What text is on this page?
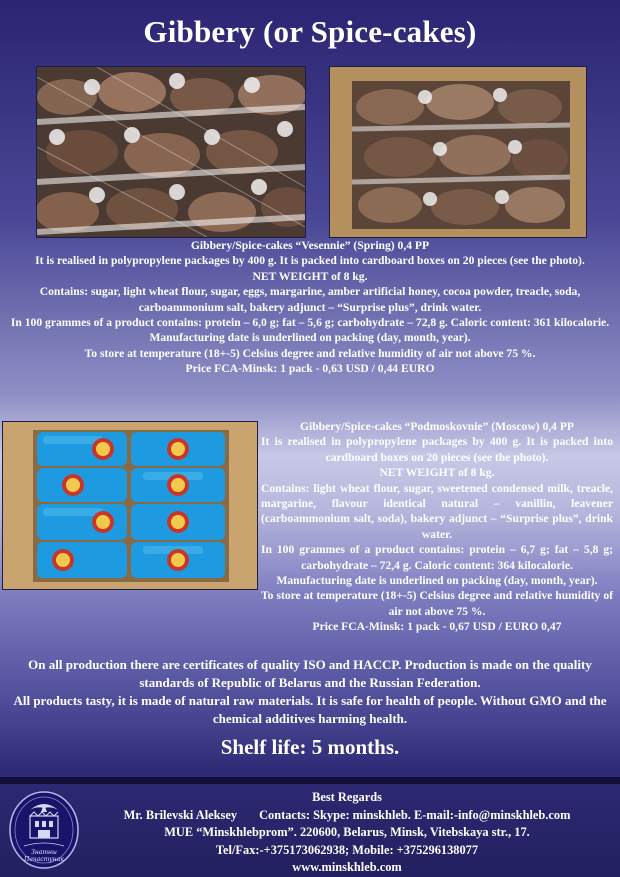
Gibbery (or Spice-cakes)

Gibbery/Spice-cakes “Vesennie” (Spring) 0,4 PP

It is realised in polypropylene packages by 400 g. It is packed into cardboard boxes on 20 pieces (see the photo).

NET WEIGHT of 8 kg.

Contains: sugar, light wheat flour, sugar, eggs, margarine, amber artificial honey, cocoa powder, treacle, soda, carboammonium salt, bakery adjunct – “Surprise plus”, drink water.

In 100 grammes of a product contains: protein – 6,0 g; fat – 5,6 g; carbohydrate – 72,8 g. Caloric content: 361 kilocalorie.

Manufacturing date is underlined on packing (day, month, year).

To store at temperature (18+-5) Celsius degree and relative humidity of air not above 75 %.

Price FCA-Minsk: 1 pack - 0,63 USD / 0,44 EURO

Gibbery/Spice-cakes “Podmoskovnie” (Moscow) 0,4 PP

It is realised in polypropylene packages by 400 g. It is packed into cardboard boxes on 20 pieces (see the photo).

NET WEIGHT of 8 kg.

Contains: light wheat flour, sugar, sweetened condensed milk, treacle, margarine, flavour identical natural – vanillin, leavener (carboammonium salt, soda), bakery adjunct – “Surprise plus”, drink water.

In 100 grammes of a product contains: protein – 6,7 g; fat – 5,8 g; carbohydrate – 72,4 g. Caloric content: 364 kilocalorie.

Manufacturing date is underlined on packing (day, month, year).

To store at temperature (18+-5) Celsius degree and relative humidity of air not above 75 %.

Price FCA-Minsk: 1 pack - 0,67 USD / EURO 0,47

On all production there are certificates of quality ISO and HACCP. Production is made on the quality standards of Republic of Belarus and the Russian Federation.

All products tasty, it is made of natural raw materials. It is safe for health of people. Without GMO and the chemical additives harming health.

Shelf life: 5 months.
Знатны
Пачастунак

Best Regards

Mr. Brilevski Aleksey Contacts: Skype: minskhleb. E-mail:-info@minskhleb.com

MUE “Minskhlebprom”. 220600, Belarus, Minsk, Vitebskaya str., 17.

Tel/Fax:-+375173062938; Mobile: +375296138077

www.minskhleb.com
